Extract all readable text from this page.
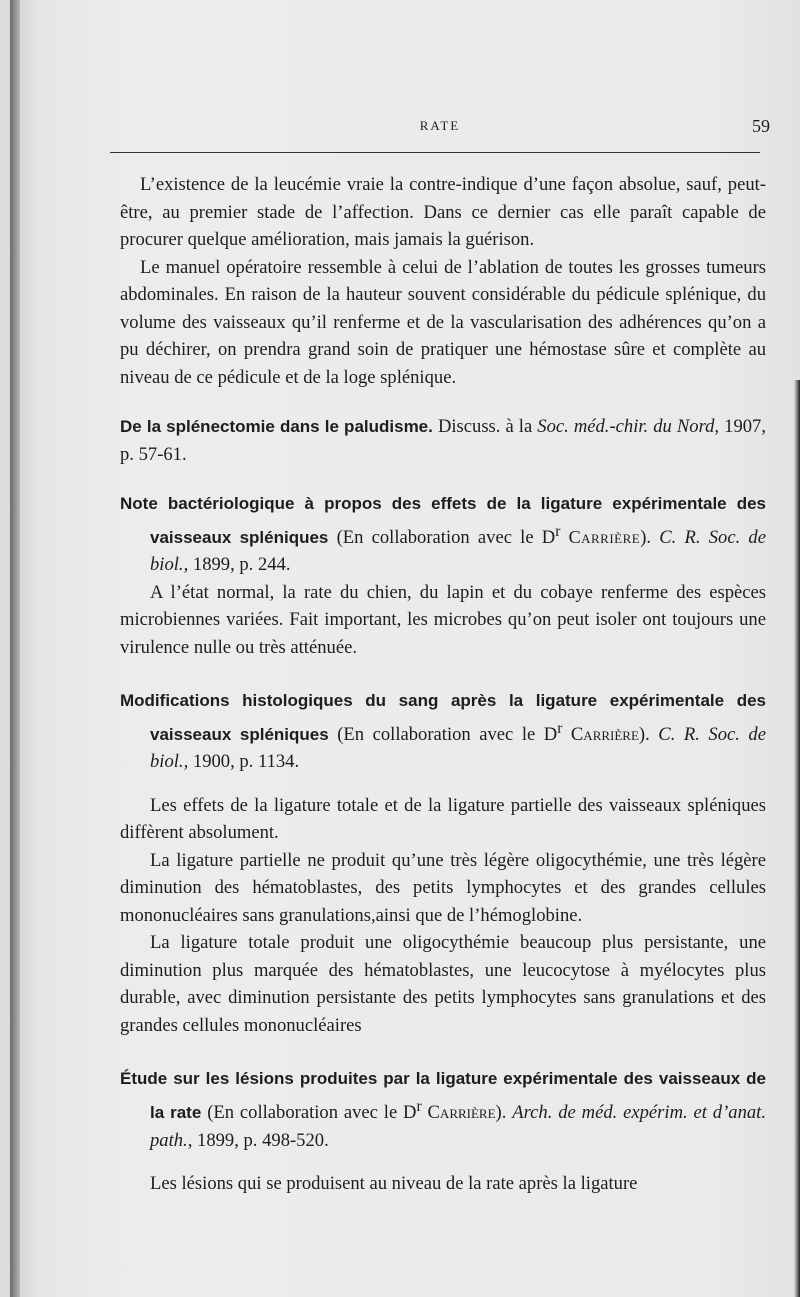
RATE	59

L’existence de la leucémie vraie la contre-indique d’une façon absolue, sauf, peut-être, au premier stade de l’affection. Dans ce dernier cas elle paraît capable de procurer quelque amélioration, mais jamais la guérison.

Le manuel opératoire ressemble à celui de l’ablation de toutes les grosses tumeurs abdominales. En raison de la hauteur souvent considérable du pédicule splénique, du volume des vaisseaux qu’il renferme et de la vascularisation des adhérences qu’on a pu déchirer, on prendra grand soin de pratiquer une hémostase sûre et complète au niveau de ce pédicule et de la loge splénique.

De la splénectomie dans le paludisme. Discuss. à la Soc. méd.-chir. du Nord, 1907, p. 57-61.

Note bactériologique à propos des effets de la ligature expérimentale des vaisseaux spléniques (En collaboration avec le $D^r$ Carrière). C. R. Soc. de biol., 1899, p. 244.

A l’état normal, la rate du chien, du lapin et du cobaye renferme des espèces microbiennes variées. Fait important, les microbes qu’on peut isoler ont toujours une virulence nulle ou très atténuée.

Modifications histologiques du sang après la ligature expérimentale des vaisseaux spléniques (En collaboration avec le $D^r$ Carrière). C. R. Soc. de biol., 1900, p. 1134.

Les effets de la ligature totale et de la ligature partielle des vaisseaux spléniques diffèrent absolument.

La ligature partielle ne produit qu’une très légère oligocythémie, une très légère diminution des hématoblastes, des petits lymphocytes et des grandes cellules mononucléaires sans granulations,ainsi que de l’hémoglobine.

La ligature totale produit une oligocythémie beaucoup plus persistante, une diminution plus marquée des hématoblastes, une leucocytose à myélocytes plus durable, avec diminution persistante des petits lymphocytes sans granulations et des grandes cellules mononucléaires

Étude sur les lésions produites par la ligature expérimentale des vaisseaux de la rate (En collaboration avec le $D^r$ Carrière). Arch. de méd. expérim. et d’anat. path., 1899, p. 498-520.

Les lésions qui se produisent au niveau de la rate après la ligature
